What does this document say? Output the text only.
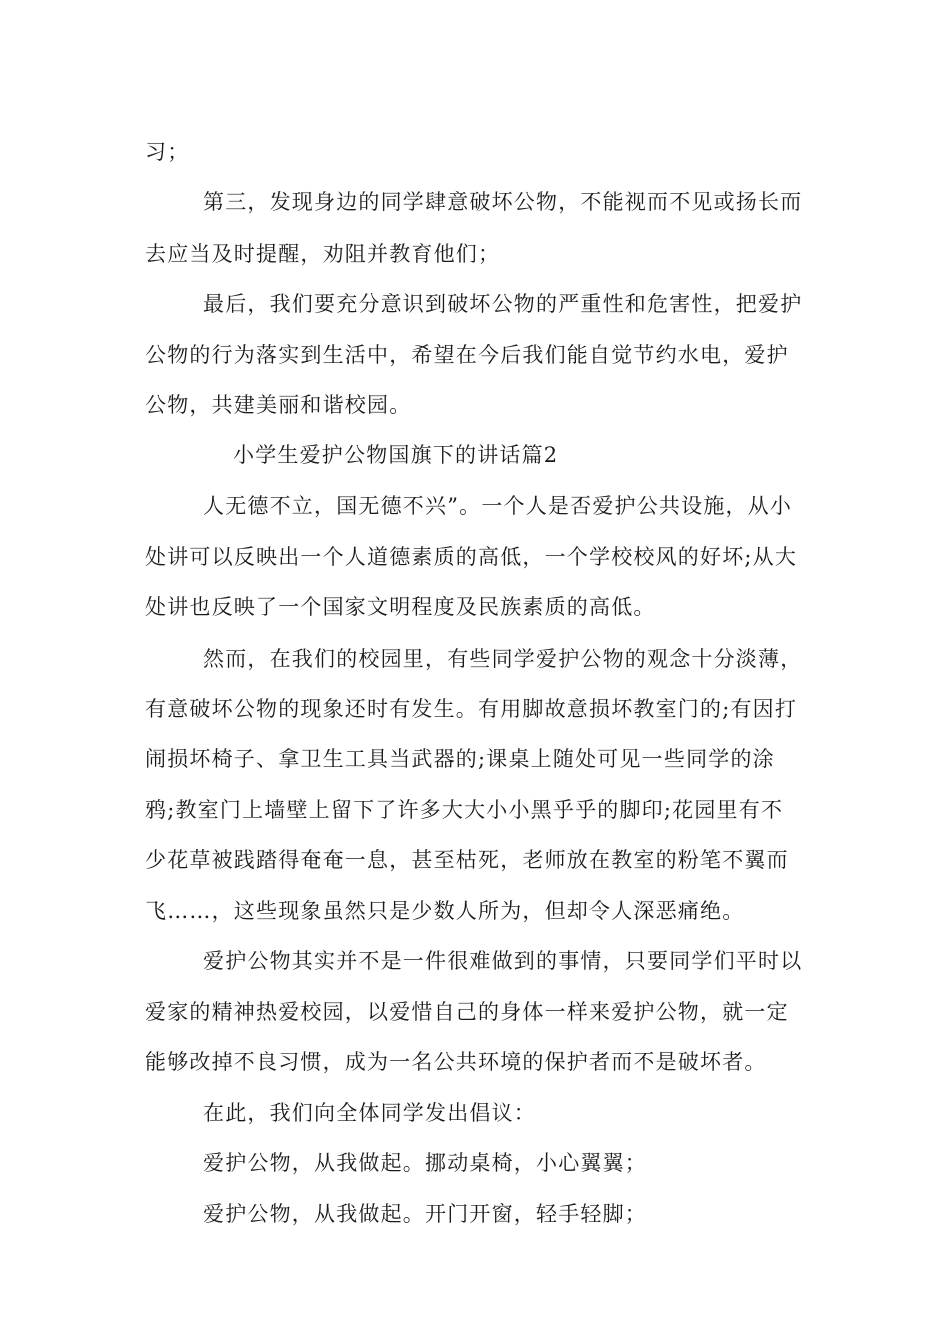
习；
第三，发现身边的同学肆意破坏公物，不能视而不见或扬长而
去应当及时提醒，劝阻并教育他们；
最后，我们要充分意识到破坏公物的严重性和危害性，把爱护
公物的行为落实到生活中，希望在今后我们能自觉节约水电，爱护
公物，共建美丽和谐校园。
小学生爱护公物国旗下的讲话篇2
人无德不立，国无德不兴”。一个人是否爱护公共设施，从小
处讲可以反映出一个人道德素质的高低，一个学校校风的好坏;从大
处讲也反映了一个国家文明程度及民族素质的高低。
然而，在我们的校园里，有些同学爱护公物的观念十分淡薄，
有意破坏公物的现象还时有发生。有用脚故意损坏教室门的;有因打
闹损坏椅子、拿卫生工具当武器的;课桌上随处可见一些同学的涂
鸦;教室门上墙壁上留下了许多大大小小黑乎乎的脚印;花园里有不
少花草被践踏得奄奄一息，甚至枯死，老师放在教室的粉笔不翼而
飞……，这些现象虽然只是少数人所为，但却令人深恶痛绝。
爱护公物其实并不是一件很难做到的事情，只要同学们平时以
爱家的精神热爱校园，以爱惜自己的身体一样来爱护公物，就一定
能够改掉不良习惯，成为一名公共环境的保护者而不是破坏者。
在此，我们向全体同学发出倡议：
爱护公物，从我做起。挪动桌椅，小心翼翼；
爱护公物，从我做起。开门开窗，轻手轻脚；
